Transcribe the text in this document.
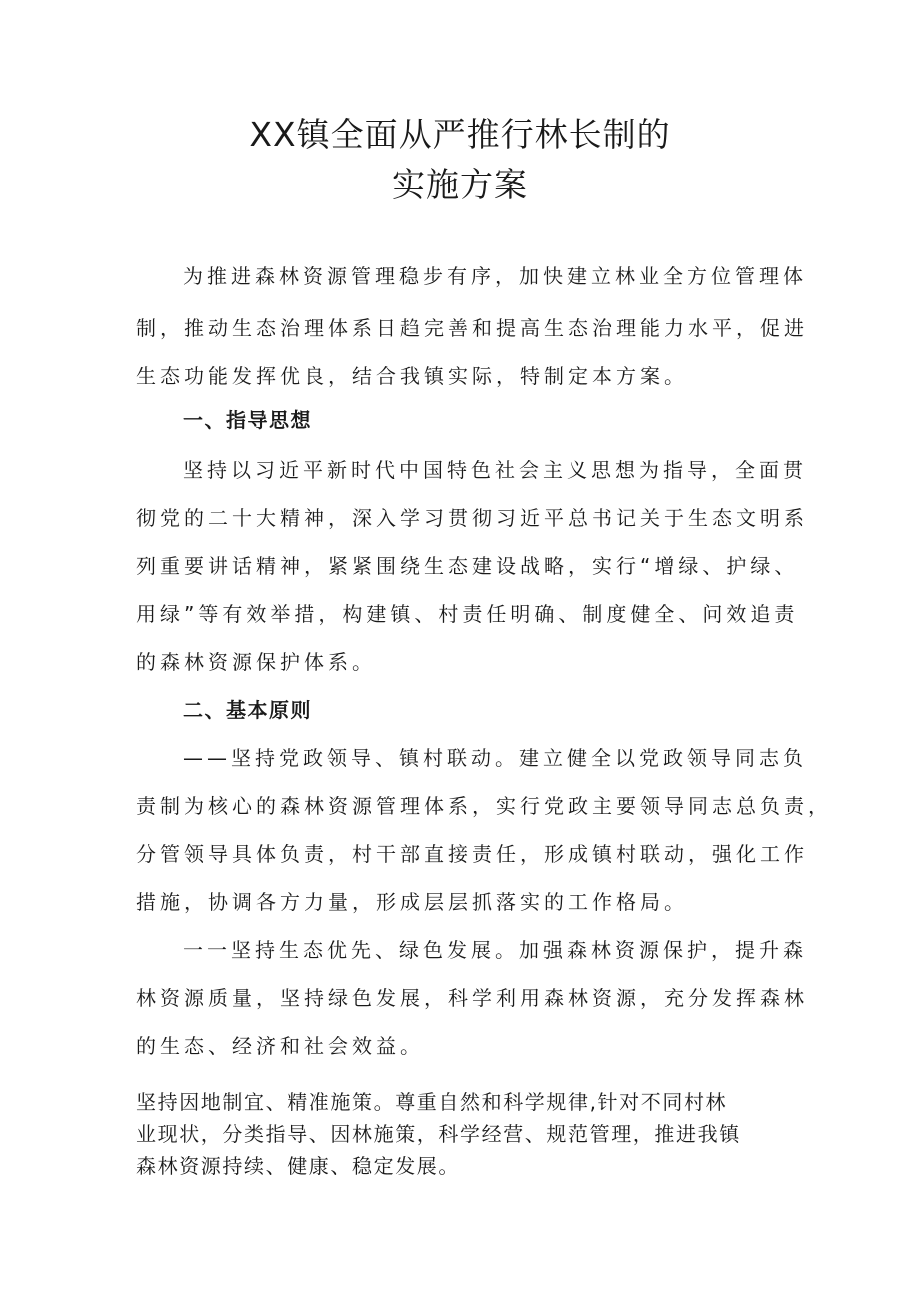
XX镇全面从严推行林长制的
实施方案

为推进森林资源管理稳步有序，加快建立林业全方位管理体

制，推动生态治理体系日趋完善和提高生态治理能力水平，促进

生态功能发挥优良，结合我镇实际，特制定本方案。

一、指导思想

坚持以习近平新时代中国特色社会主义思想为指导，全面贯

彻党的二十大精神，深入学习贯彻习近平总书记关于生态文明系

列重要讲话精神，紧紧围绕生态建设战略，实行“增绿、护绿、

用绿”等有效举措，构建镇、村责任明确、制度健全、问效追责

的森林资源保护体系。

二、基本原则

——坚持党政领导、镇村联动。建立健全以党政领导同志负

责制为核心的森林资源管理体系，实行党政主要领导同志总负责，

分管领导具体负责，村干部直接责任，形成镇村联动，强化工作

措施，协调各方力量，形成层层抓落实的工作格局。

一一坚持生态优先、绿色发展。加强森林资源保护，提升森

林资源质量，坚持绿色发展，科学利用森林资源，充分发挥森林

的生态、经济和社会效益。

坚持因地制宜、精准施策。尊重自然和科学规律,针对不同村林

业现状，分类指导、因林施策，科学经营、规范管理，推进我镇

森林资源持续、健康、稳定发展。
